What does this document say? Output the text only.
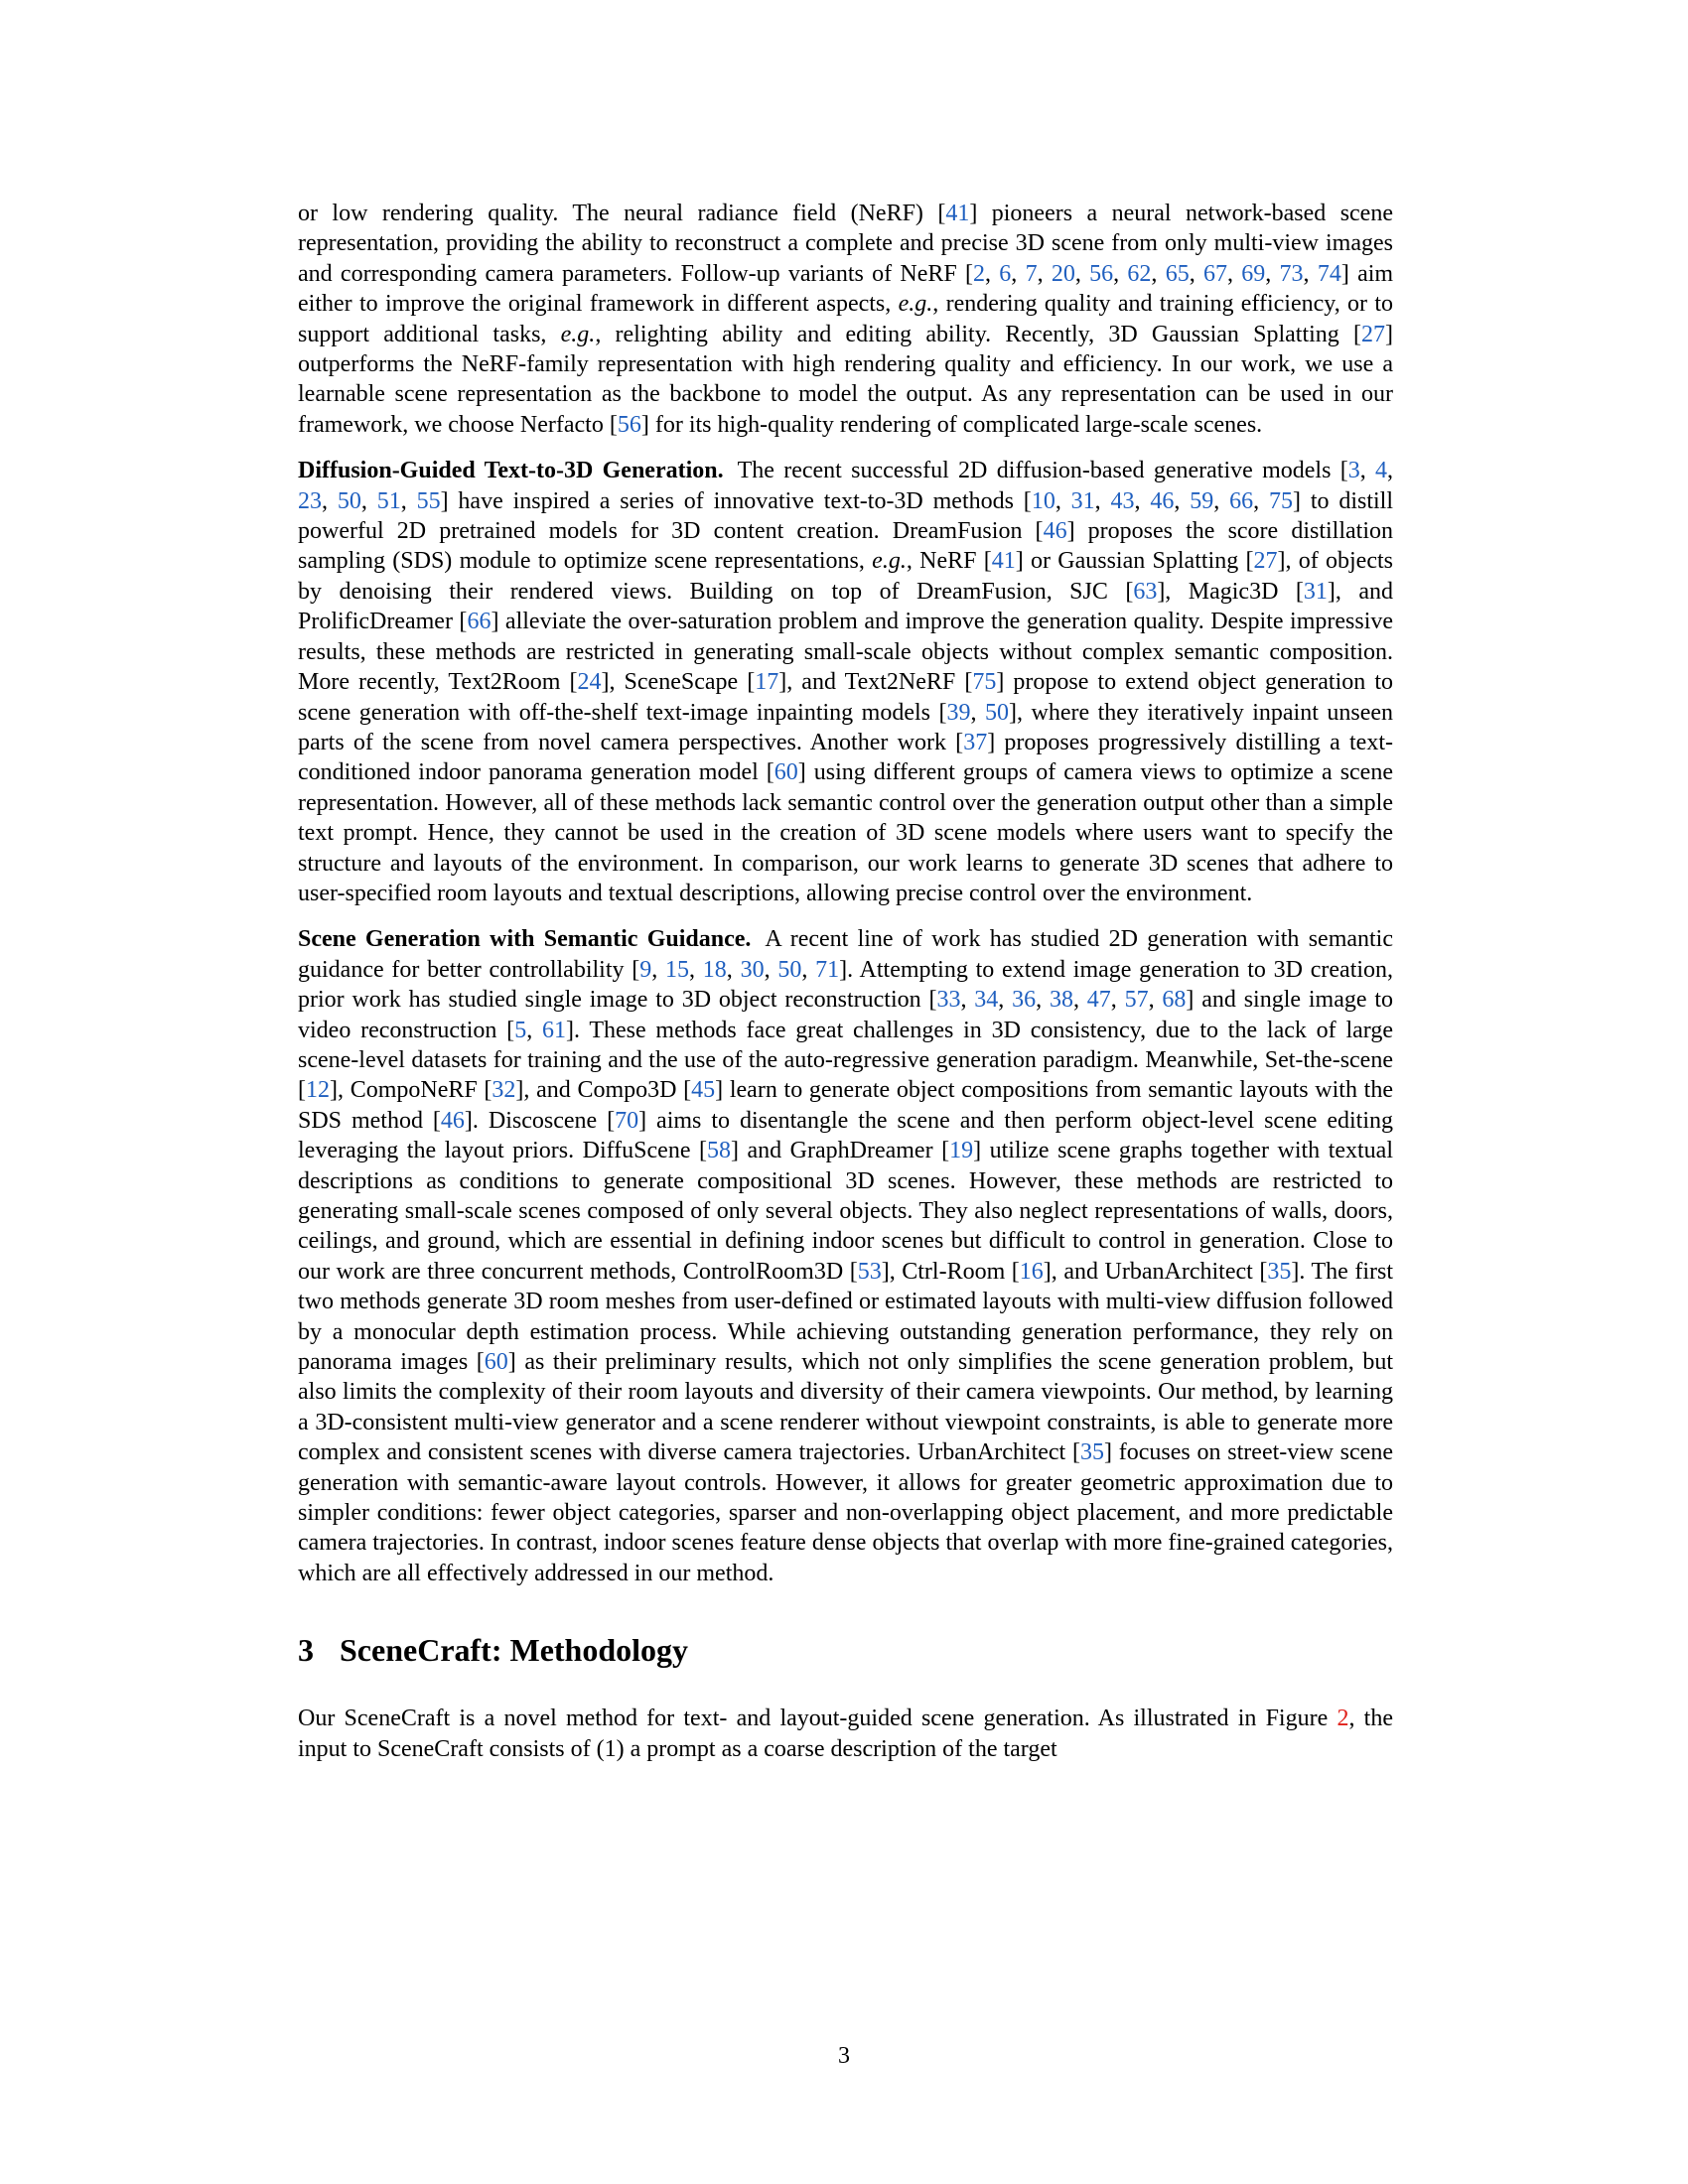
or low rendering quality. The neural radiance field (NeRF) [41] pioneers a neural network-based scene representation, providing the ability to reconstruct a complete and precise 3D scene from only multi-view images and corresponding camera parameters. Follow-up variants of NeRF [2, 6, 7, 20, 56, 62, 65, 67, 69, 73, 74] aim either to improve the original framework in different aspects, e.g., rendering quality and training efficiency, or to support additional tasks, e.g., relighting ability and editing ability. Recently, 3D Gaussian Splatting [27] outperforms the NeRF-family representation with high rendering quality and efficiency. In our work, we use a learnable scene representation as the backbone to model the output. As any representation can be used in our framework, we choose Nerfacto [56] for its high-quality rendering of complicated large-scale scenes.

Diffusion-Guided Text-to-3D Generation. The recent successful 2D diffusion-based generative models [3, 4, 23, 50, 51, 55] have inspired a series of innovative text-to-3D methods [10, 31, 43, 46, 59, 66, 75] to distill powerful 2D pretrained models for 3D content creation. DreamFusion [46] proposes the score distillation sampling (SDS) module to optimize scene representations, e.g., NeRF [41] or Gaussian Splatting [27], of objects by denoising their rendered views. Building on top of DreamFusion, SJC [63], Magic3D [31], and ProlificDreamer [66] alleviate the over-saturation problem and improve the generation quality. Despite impressive results, these methods are restricted in generating small-scale objects without complex semantic composition. More recently, Text2Room [24], SceneScape [17], and Text2NeRF [75] propose to extend object generation to scene generation with off-the-shelf text-image inpainting models [39, 50], where they iteratively inpaint unseen parts of the scene from novel camera perspectives. Another work [37] proposes progressively distilling a text-conditioned indoor panorama generation model [60] using different groups of camera views to optimize a scene representation. However, all of these methods lack semantic control over the generation output other than a simple text prompt. Hence, they cannot be used in the creation of 3D scene models where users want to specify the structure and layouts of the environment. In comparison, our work learns to generate 3D scenes that adhere to user-specified room layouts and textual descriptions, allowing precise control over the environment.

Scene Generation with Semantic Guidance. A recent line of work has studied 2D generation with semantic guidance for better controllability [9, 15, 18, 30, 50, 71]. Attempting to extend image generation to 3D creation, prior work has studied single image to 3D object reconstruction [33, 34, 36, 38, 47, 57, 68] and single image to video reconstruction [5, 61]. These methods face great challenges in 3D consistency, due to the lack of large scene-level datasets for training and the use of the auto-regressive generation paradigm. Meanwhile, Set-the-scene [12], CompoNeRF [32], and Compo3D [45] learn to generate object compositions from semantic layouts with the SDS method [46]. Discoscene [70] aims to disentangle the scene and then perform object-level scene editing leveraging the layout priors. DiffuScene [58] and GraphDreamer [19] utilize scene graphs together with textual descriptions as conditions to generate compositional 3D scenes. However, these methods are restricted to generating small-scale scenes composed of only several objects. They also neglect representations of walls, doors, ceilings, and ground, which are essential in defining indoor scenes but difficult to control in generation. Close to our work are three concurrent methods, ControlRoom3D [53], Ctrl-Room [16], and UrbanArchitect [35]. The first two methods generate 3D room meshes from user-defined or estimated layouts with multi-view diffusion followed by a monocular depth estimation process. While achieving outstanding generation performance, they rely on panorama images [60] as their preliminary results, which not only simplifies the scene generation problem, but also limits the complexity of their room layouts and diversity of their camera viewpoints. Our method, by learning a 3D-consistent multi-view generator and a scene renderer without viewpoint constraints, is able to generate more complex and consistent scenes with diverse camera trajectories. UrbanArchitect [35] focuses on street-view scene generation with semantic-aware layout controls. However, it allows for greater geometric approximation due to simpler conditions: fewer object categories, sparser and non-overlapping object placement, and more predictable camera trajectories. In contrast, indoor scenes feature dense objects that overlap with more fine-grained categories, which are all effectively addressed in our method.

3 SceneCraft: Methodology

Our SceneCraft is a novel method for text- and layout-guided scene generation. As illustrated in Figure 2, the input to SceneCraft consists of (1) a prompt as a coarse description of the target

3
